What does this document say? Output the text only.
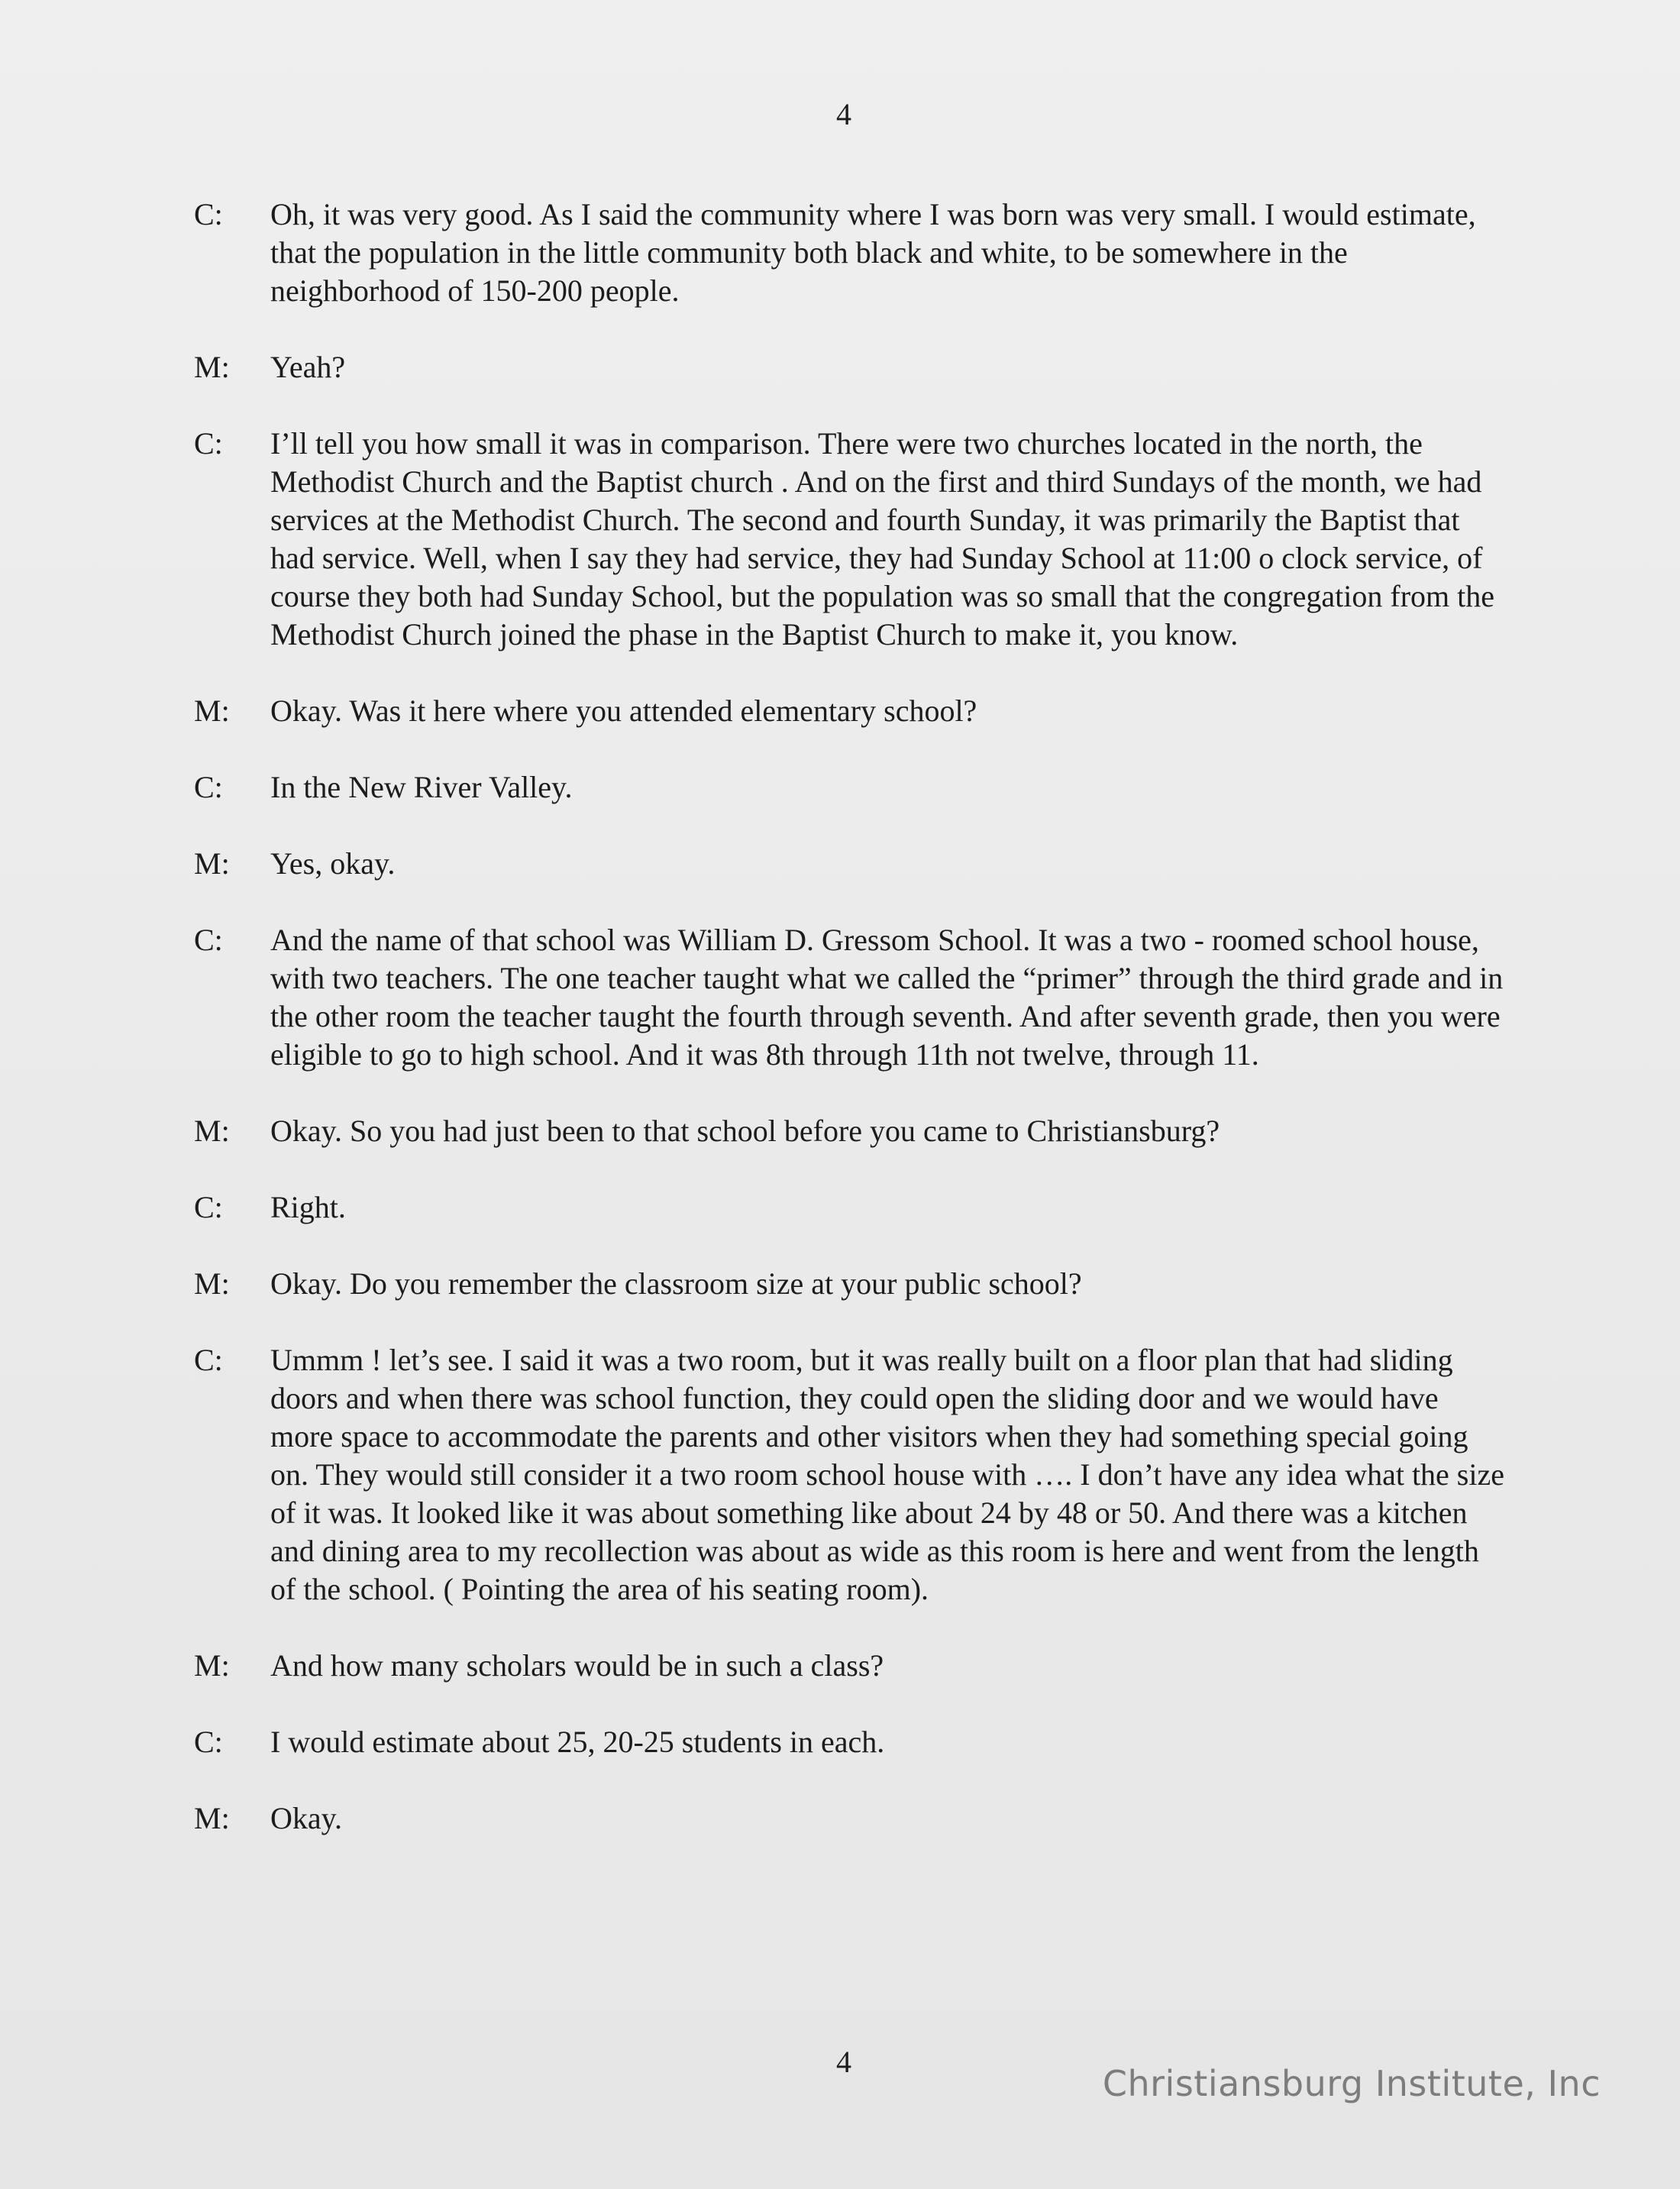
4
C:	Oh, it was very good. As I said the community where I was born was very small. I would estimate, that the population in the little community both black and white, to be somewhere in the neighborhood of 150-200 people.
M:	Yeah?
C:	I’ll tell you how small it was in comparison. There were two churches located in the north, the Methodist Church and the Baptist church . And on the first and third Sundays of the month, we had services at the Methodist Church. The second and fourth Sunday, it was primarily the Baptist that had service. Well, when I say they had service, they had Sunday School at 11:00 o clock service, of course they both had Sunday School, but the population was so small that the congregation from the Methodist Church joined the phase in the Baptist Church to make it, you know.
M:	Okay. Was it here where you attended elementary school?
C:	In the New River Valley.
M:	Yes, okay.
C:	And the name of that school was William D. Gressom School. It was a two - roomed school house, with two teachers. The one teacher taught what we called the “primer” through the third grade and in the other room the teacher taught the fourth through seventh. And after seventh grade, then you were eligible to go to high school. And it was 8th through 11th not twelve, through 11.
M:	Okay. So you had just been to that school before you came to Christiansburg?
C:	Right.
M:	Okay. Do you remember the classroom size at your public school?
C:	Ummm ! let’s see. I said it was a two room, but it was really built on a floor plan that had sliding doors and when there was school function, they could open the sliding door and we would have more space to accommodate the parents and other visitors when they had something special going on. They would still consider it a two room school house with …. I don’t have any idea what the size of it was. It looked like it was about something like about 24 by 48 or 50. And there was a kitchen and dining area to my recollection was about as wide as this room is here and went from the length of the school. ( Pointing the area of his seating room).
M:	And how many scholars would be in such a class?
C:	I would estimate about 25, 20-25 students in each.
M:	Okay.
4
Christiansburg Institute, Inc
